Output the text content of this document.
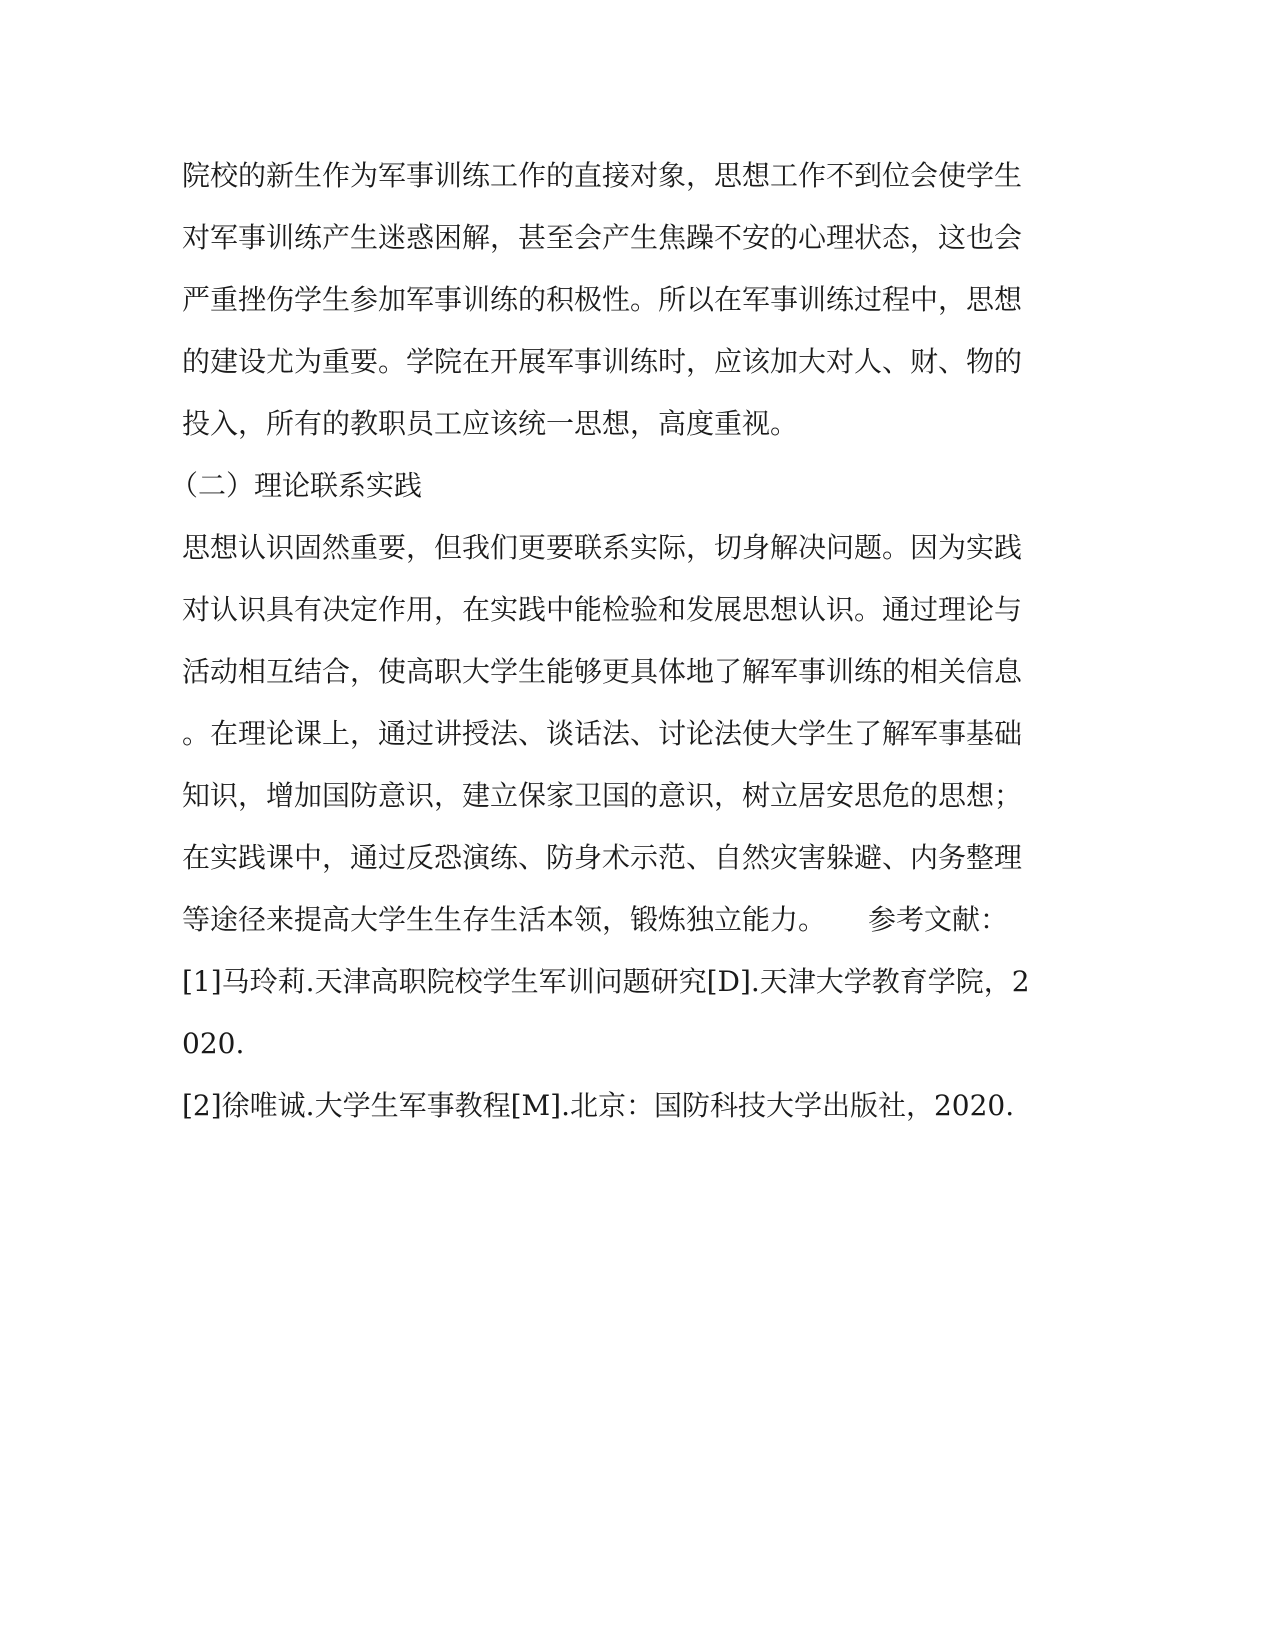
院校的新生作为军事训练工作的直接对象，思想工作不到位会使学生
对军事训练产生迷惑困解，甚至会产生焦躁不安的心理状态，这也会
严重挫伤学生参加军事训练的积极性。所以在军事训练过程中，思想
的建设尤为重要。学院在开展军事训练时，应该加大对人、财、物的
投入，所有的教职员工应该统一思想，高度重视。
（二）理论联系实践
思想认识固然重要，但我们更要联系实际，切身解决问题。因为实践
对认识具有决定作用，在实践中能检验和发展思想认识。通过理论与
活动相互结合，使高职大学生能够更具体地了解军事训练的相关信息
。在理论课上，通过讲授法、谈话法、讨论法使大学生了解军事基础
知识，增加国防意识，建立保家卫国的意识，树立居安思危的思想；
在实践课中，通过反恐演练、防身术示范、自然灾害躲避、内务整理
等途径来提高大学生生存生活本领，锻炼独立能力。　　参考文献：
[1]马玲莉.天津高职院校学生军训问题研究[D].天津大学教育学院，2
020.
[2]徐唯诚.大学生军事教程[M].北京：国防科技大学出版社，2020.
